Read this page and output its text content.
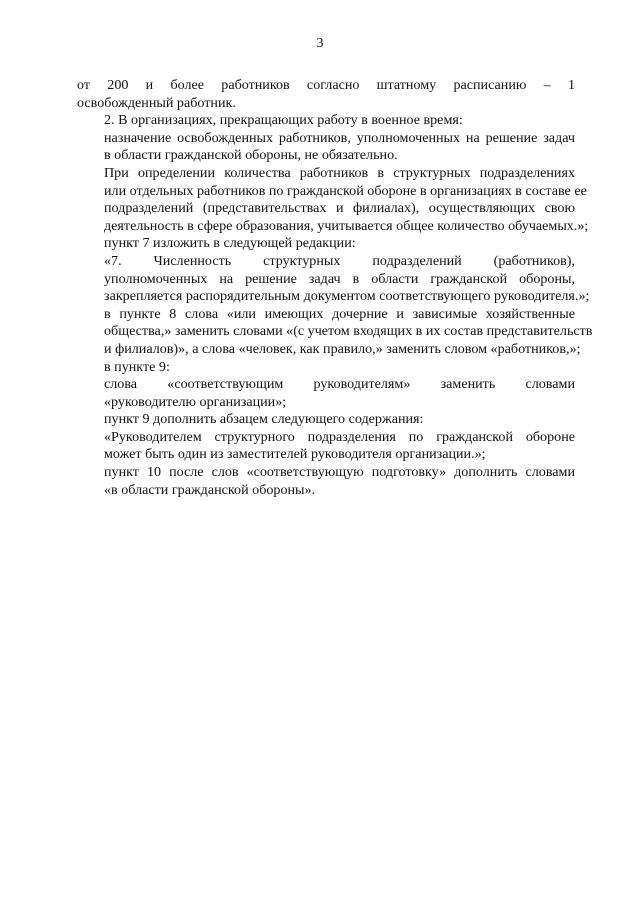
3
от 200 и более работников согласно штатному расписанию – 1
освобожденный работник.
2. В организациях, прекращающих работу в военное время:
назначение освобожденных работников, уполномоченных на решение задач
в области гражданской обороны, не обязательно.
При определении количества работников в структурных подразделениях
или отдельных работников по гражданской обороне в организациях в составе ее
подразделений (представительствах и филиалах), осуществляющих свою
деятельность в сфере образования, учитывается общее количество обучаемых.»;
пункт 7 изложить в следующей редакции:
«7. Численность структурных подразделений (работников),
уполномоченных на решение задач в области гражданской обороны,
закрепляется распорядительным документом соответствующего руководителя.»;
в пункте 8 слова «или имеющих дочерние и зависимые хозяйственные
общества,» заменить словами «(с учетом входящих в их состав представительств
и филиалов)», а слова «человек, как правило,» заменить словом «работников,»;
в пункте 9:
слова «соответствующим руководителям» заменить словами
«руководителю организации»;
пункт 9 дополнить абзацем следующего содержания:
«Руководителем структурного подразделения по гражданской обороне
может быть один из заместителей руководителя организации.»;
пункт 10 после слов «соответствующую подготовку» дополнить словами
«в области гражданской обороны».
